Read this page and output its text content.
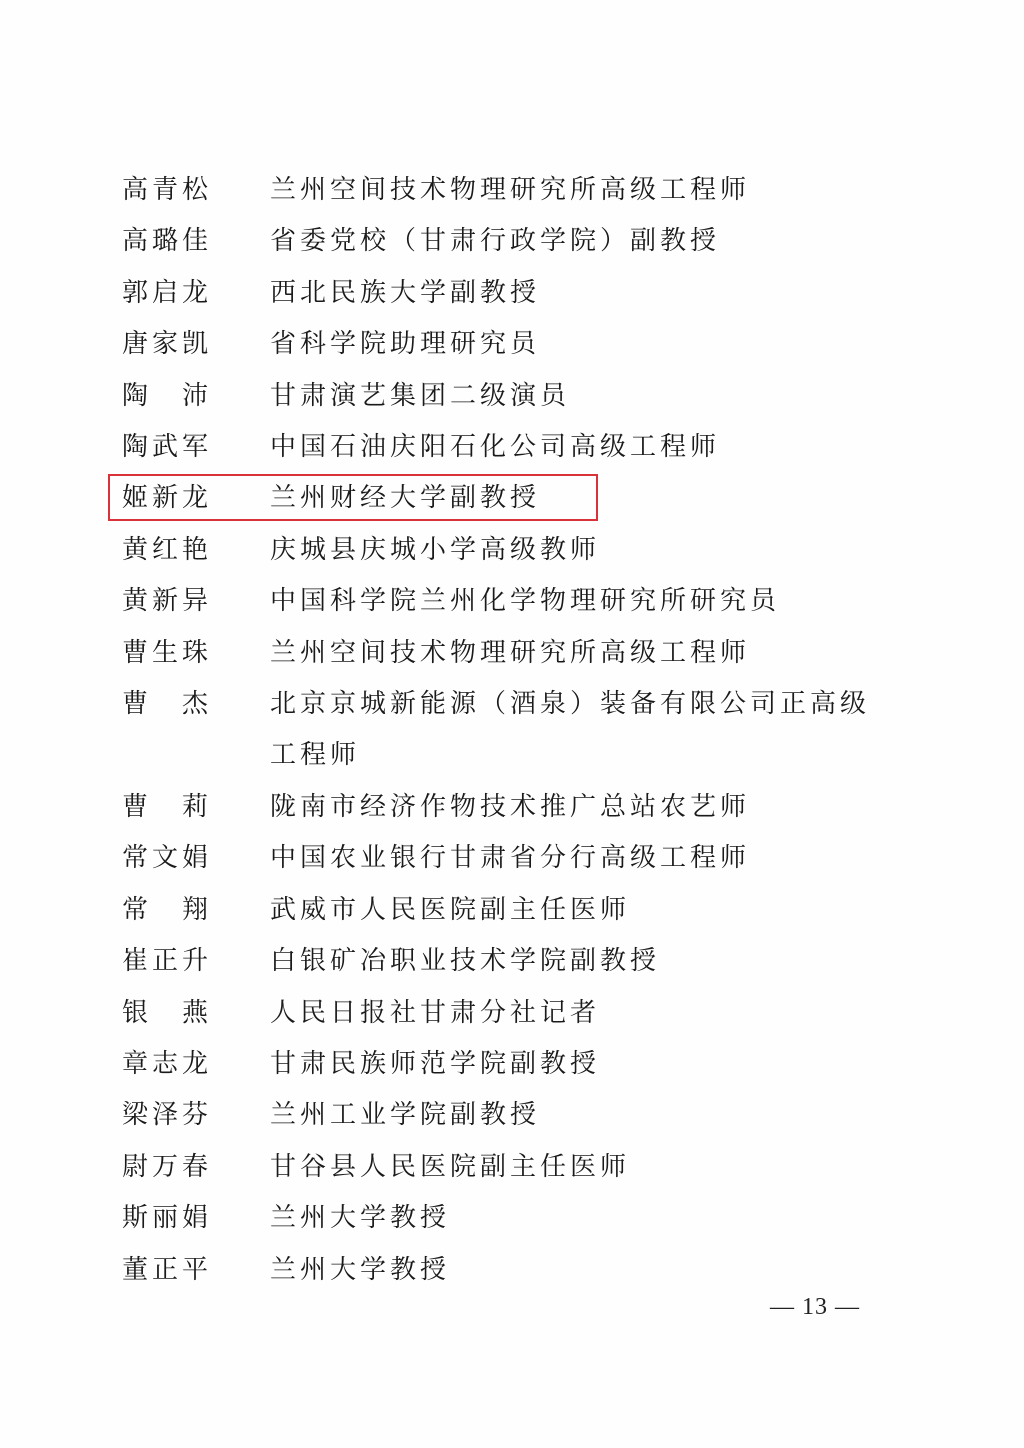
高青松	兰州空间技术物理研究所高级工程师
高璐佳	省委党校（甘肃行政学院）副教授
郭启龙	西北民族大学副教授
唐家凯	省科学院助理研究员
陶　沛	甘肃演艺集团二级演员
陶武军	中国石油庆阳石化公司高级工程师
姬新龙	兰州财经大学副教授
黄红艳	庆城县庆城小学高级教师
黄新异	中国科学院兰州化学物理研究所研究员
曹生珠	兰州空间技术物理研究所高级工程师
曹　杰	北京京城新能源（酒泉）装备有限公司正高级工程师
曹　莉	陇南市经济作物技术推广总站农艺师
常文娟	中国农业银行甘肃省分行高级工程师
常　翔	武威市人民医院副主任医师
崔正升	白银矿冶职业技术学院副教授
银　燕	人民日报社甘肃分社记者
章志龙	甘肃民族师范学院副教授
梁泽芬	兰州工业学院副教授
尉万春	甘谷县人民医院副主任医师
斯丽娟	兰州大学教授
董正平	兰州大学教授
— 13 —
